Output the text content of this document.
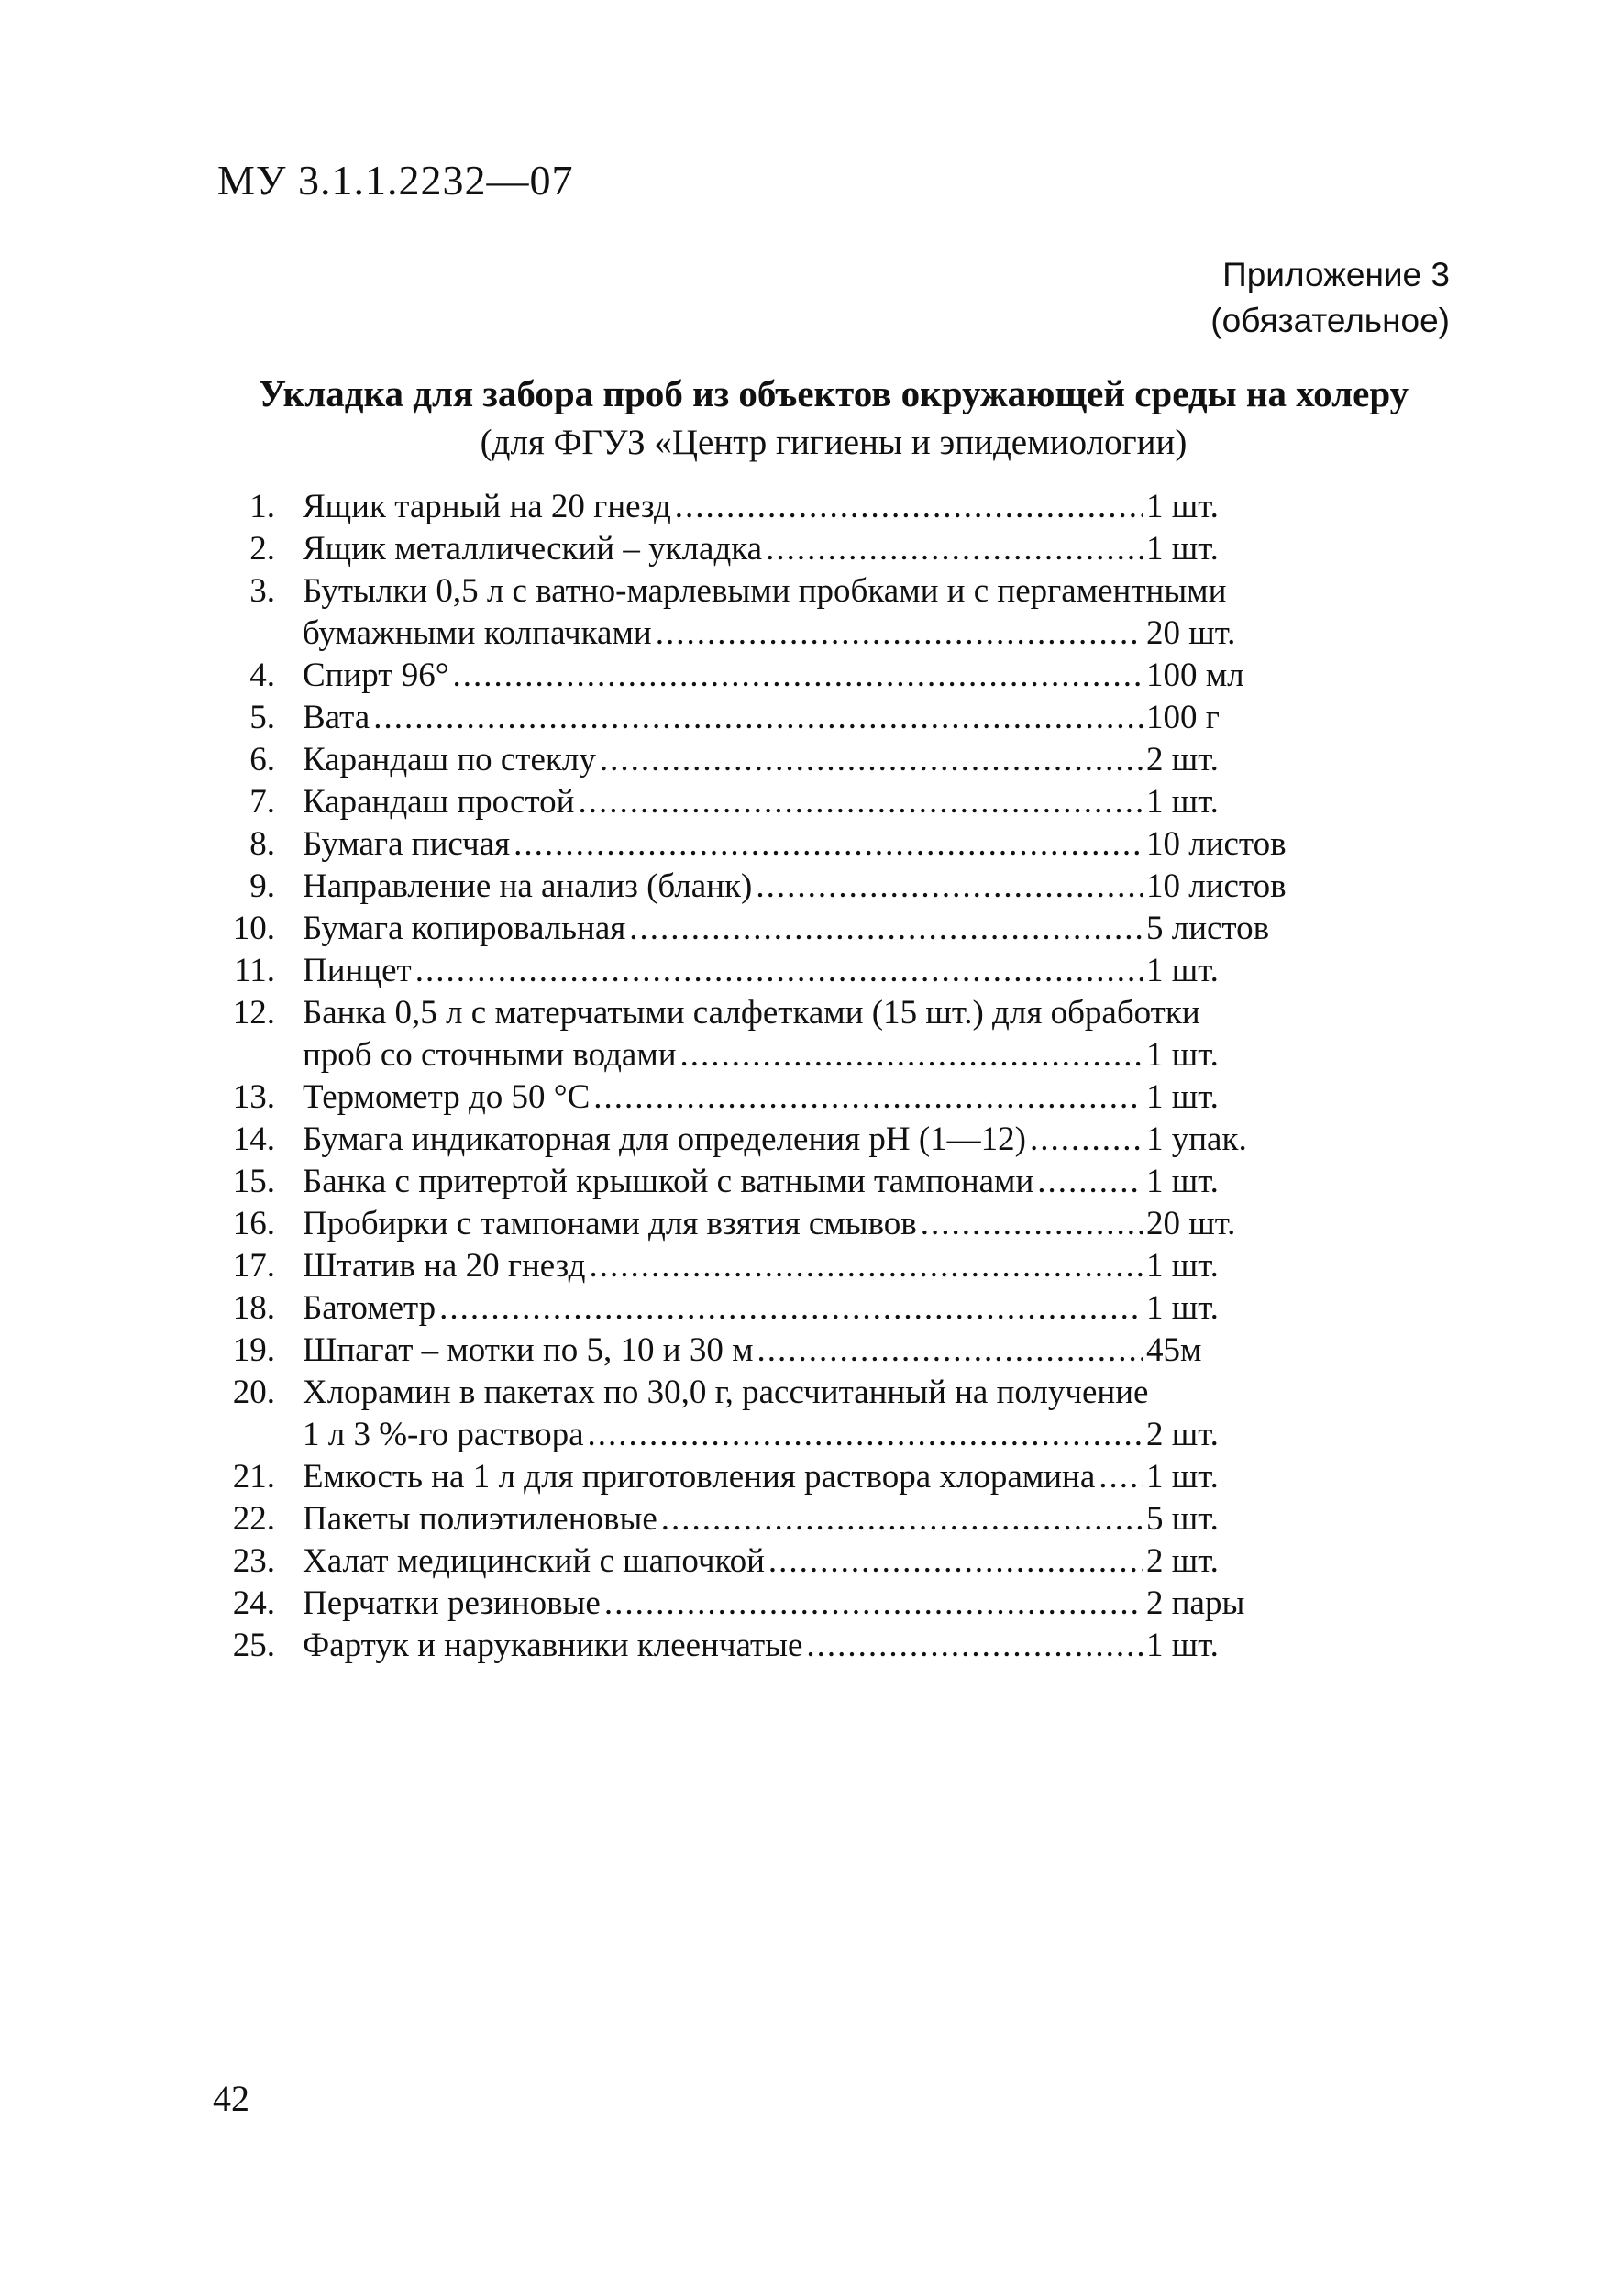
МУ 3.1.1.2232—07
Приложение 3
(обязательное)
Укладка для забора проб из объектов окружающей среды на холеру
(для ФГУЗ «Центр гигиены и эпидемиологии)
1. Ящик тарный на 20 гнезд .....	1 шт.
2. Ящик металлический – укладка .....	1 шт.
3. Бутылки 0,5 л с ватно-марлевыми пробками и с пергаментными
бумажными колпачками .....	20 шт.
4. Спирт 96° .....	100 мл
5. Вата .....	100 г
6. Карандаш по стеклу .....	2 шт.
7. Карандаш простой .....	1 шт.
8. Бумага писчая .....	10 листов
9. Направление на анализ (бланк) .....	10 листов
10. Бумага копировальная .....	5 листов
11. Пинцет .....	1 шт.
12. Банка 0,5 л с матерчатыми салфетками (15 шт.) для обработки
проб со сточными водами .....	1 шт.
13. Термометр до 50 °С .....	1 шт.
14. Бумага индикаторная для определения pH (1—12) .....	1 упак.
15. Банка с притертой крышкой с ватными тампонами .....	1 шт.
16. Пробирки с тампонами для взятия смывов .....	20 шт.
17. Штатив на 20 гнезд .....	1 шт.
18. Батометр .....	1 шт.
19. Шпагат – мотки по 5, 10 и 30 м .....	45м
20. Хлорамин в пакетах по 30,0 г, рассчитанный на получение
1 л 3 %-го раствора .....	2 шт.
21. Емкость на 1 л для приготовления раствора хлорамина ..... 1 шт.
22. Пакеты полиэтиленовые .....	5 шт.
23. Халат медицинский с шапочкой .....	2 шт.
24. Перчатки резиновые .....	2 пары
25. Фартук и нарукавники клеенчатые .....	1 шт.
42
